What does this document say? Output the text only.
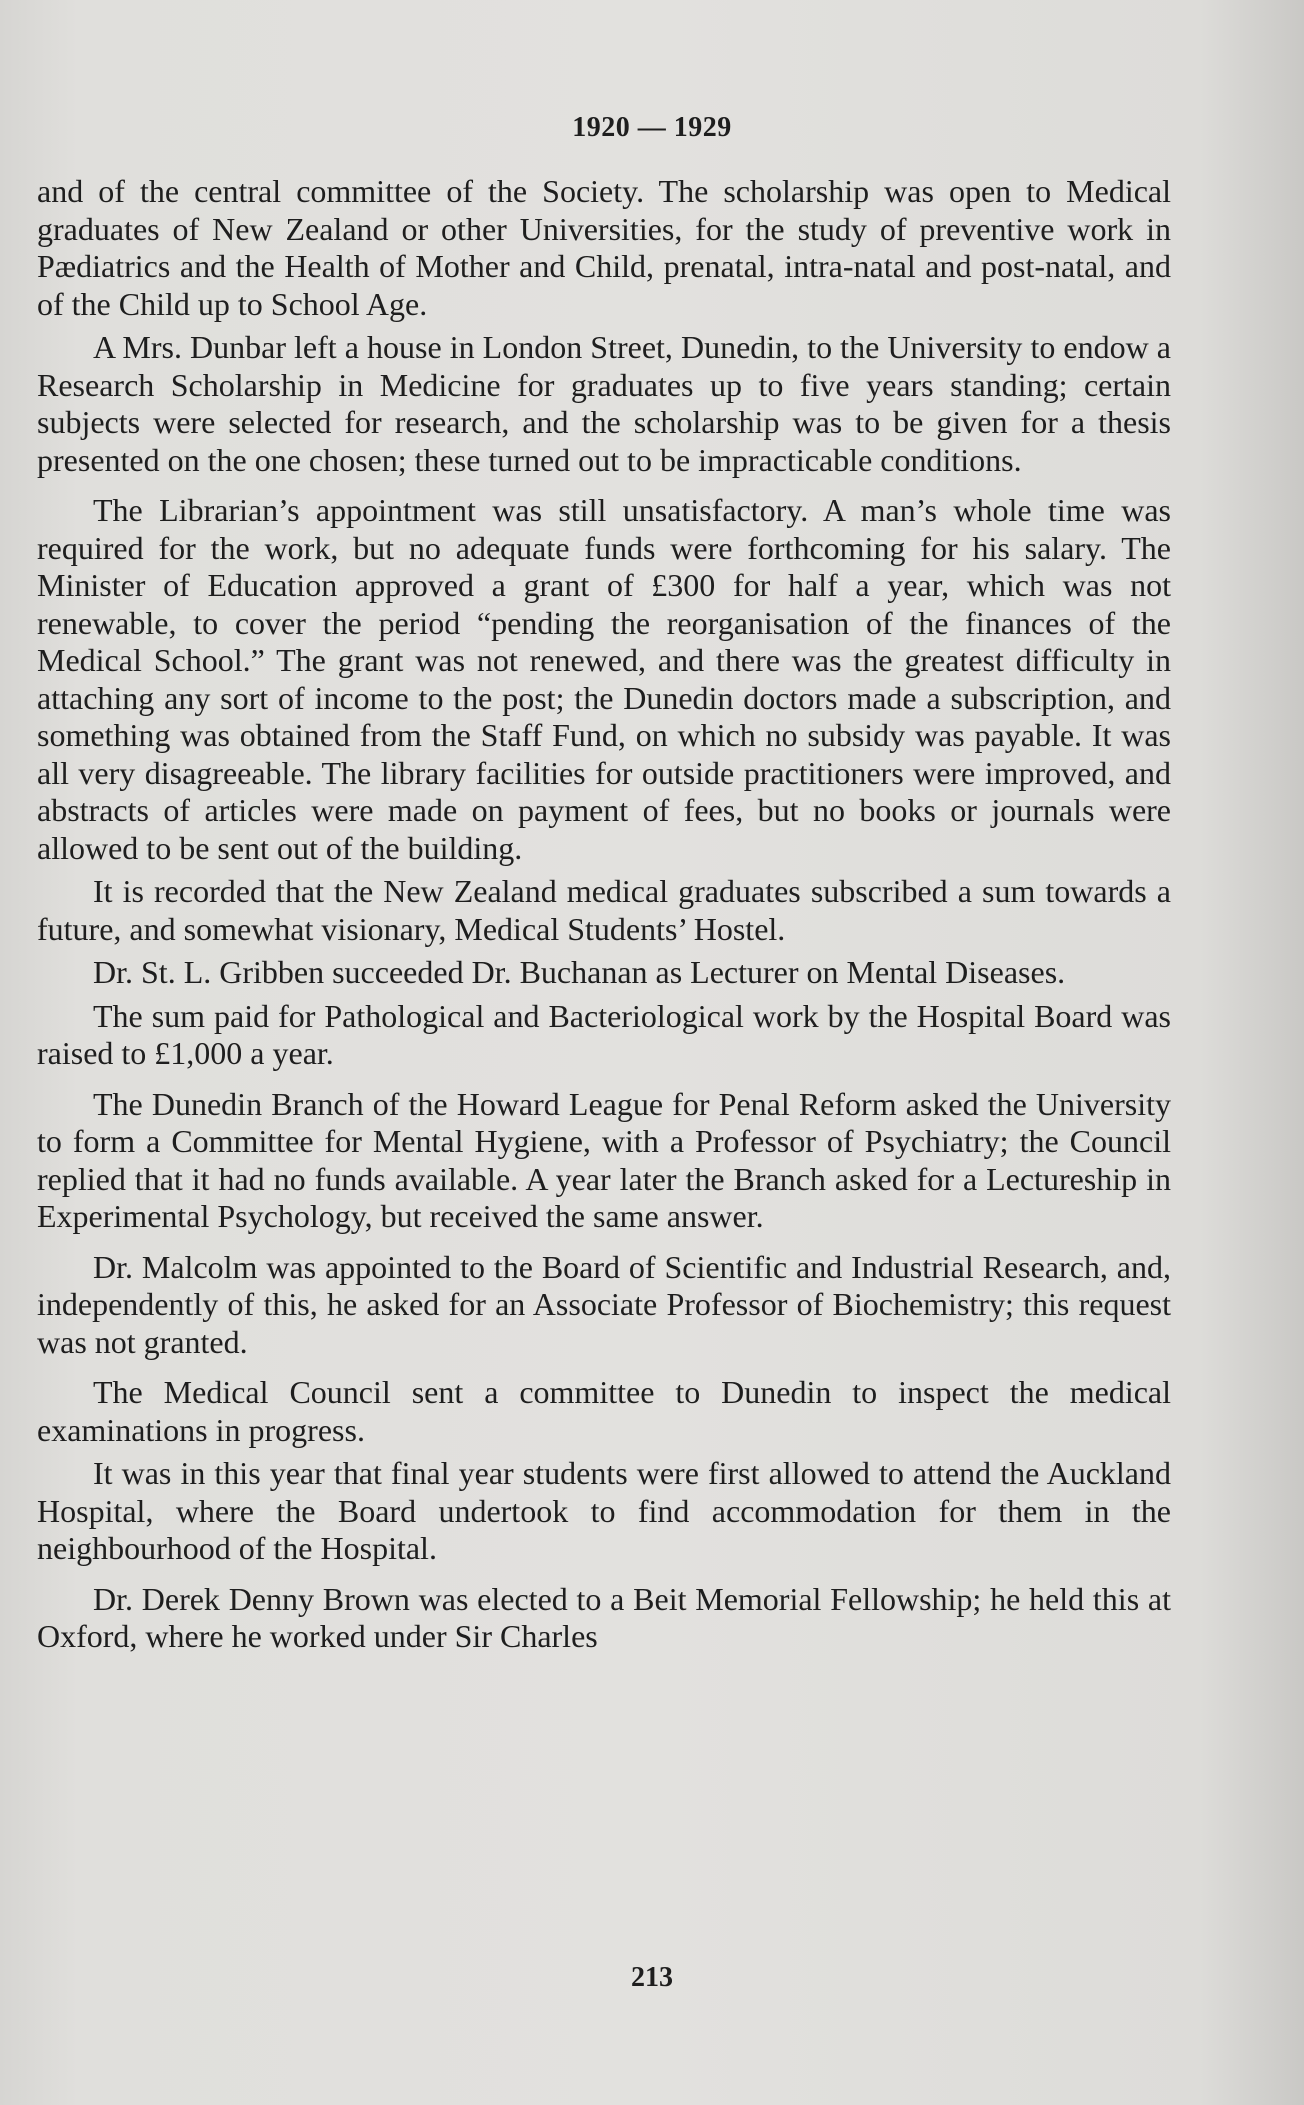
1920 — 1929

and of the central committee of the Society. The scholarship was open to Medical graduates of New Zealand or other Universities, for the study of preventive work in Pædiatrics and the Health of Mother and Child, prenatal, intra-natal and post-natal, and of the Child up to School Age.

A Mrs. Dunbar left a house in London Street, Dunedin, to the University to endow a Research Scholarship in Medicine for graduates up to five years standing; certain subjects were selected for research, and the scholarship was to be given for a thesis presented on the one chosen; these turned out to be impracticable conditions.

The Librarian’s appointment was still unsatisfactory. A man’s whole time was required for the work, but no adequate funds were forthcoming for his salary. The Minister of Education approved a grant of £300 for half a year, which was not renewable, to cover the period “pending the reorganisation of the finances of the Medical School.” The grant was not renewed, and there was the greatest difficulty in attaching any sort of income to the post; the Dunedin doctors made a subscription, and something was obtained from the Staff Fund, on which no subsidy was payable. It was all very disagreeable. The library facilities for outside practitioners were improved, and abstracts of articles were made on payment of fees, but no books or journals were allowed to be sent out of the building.

It is recorded that the New Zealand medical graduates subscribed a sum towards a future, and somewhat visionary, Medical Students’ Hostel.

Dr. St. L. Gribben succeeded Dr. Buchanan as Lecturer on Mental Diseases.

The sum paid for Pathological and Bacteriological work by the Hospital Board was raised to £1,000 a year.

The Dunedin Branch of the Howard League for Penal Reform asked the University to form a Committee for Mental Hygiene, with a Professor of Psychiatry; the Council replied that it had no funds available. A year later the Branch asked for a Lectureship in Experimental Psychology, but received the same answer.

Dr. Malcolm was appointed to the Board of Scientific and Industrial Research, and, independently of this, he asked for an Associate Professor of Biochemistry; this request was not granted.

The Medical Council sent a committee to Dunedin to inspect the medical examinations in progress.

It was in this year that final year students were first allowed to attend the Auckland Hospital, where the Board undertook to find accommodation for them in the neighbourhood of the Hospital.

Dr. Derek Denny Brown was elected to a Beit Memorial Fellowship; he held this at Oxford, where he worked under Sir Charles

213
